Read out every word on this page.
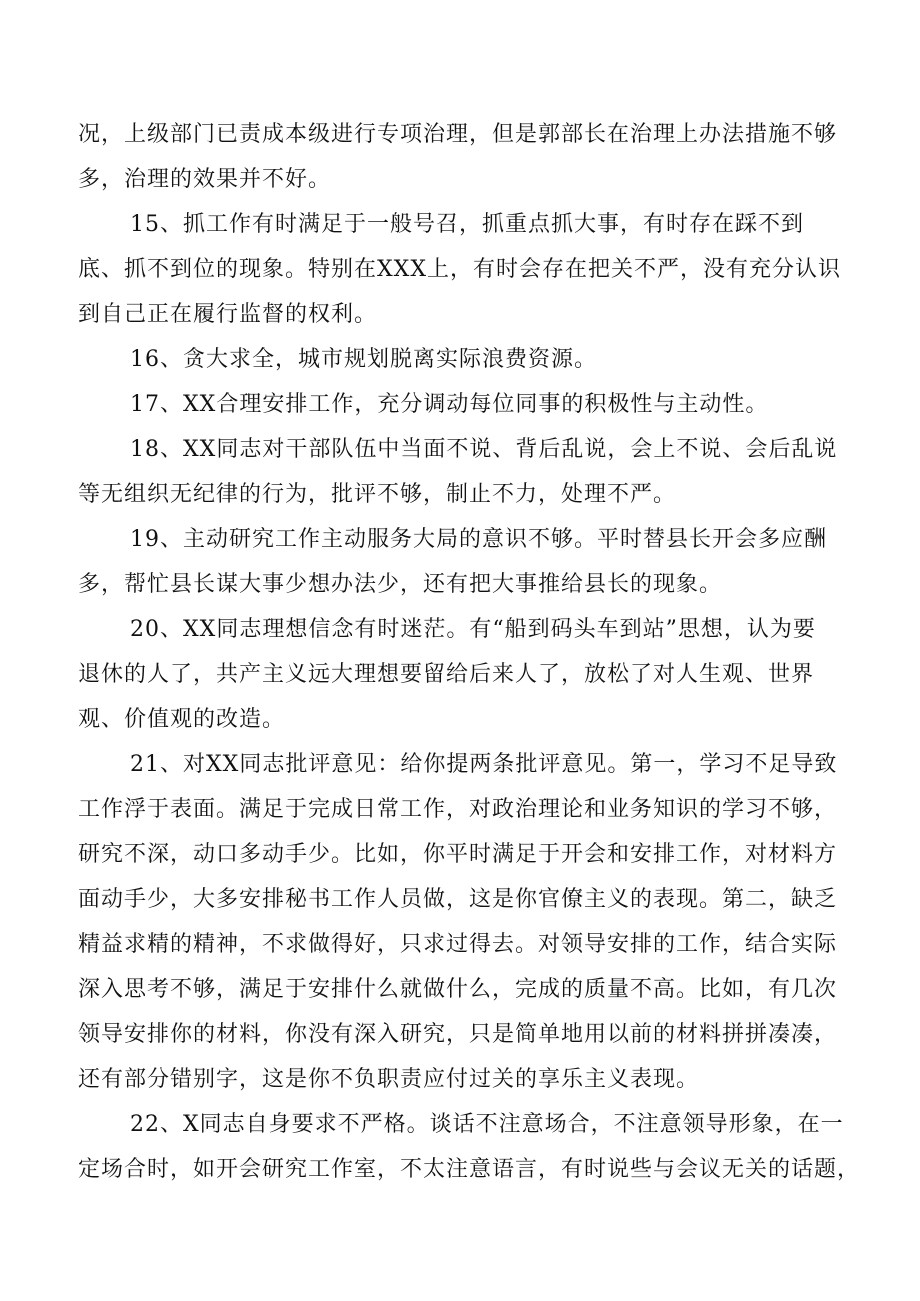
况，上级部门已责成本级进行专项治理，但是郭部长在治理上办法措施不够
多，治理的效果并不好。
15、抓工作有时满足于一般号召，抓重点抓大事，有时存在踩不到
底、抓不到位的现象。特别在XXX上，有时会存在把关不严，没有充分认识
到自己正在履行监督的权利。
16、贪大求全，城市规划脱离实际浪费资源。
17、XX合理安排工作，充分调动每位同事的积极性与主动性。
18、XX同志对干部队伍中当面不说、背后乱说，会上不说、会后乱说
等无组织无纪律的行为，批评不够，制止不力，处理不严。
19、主动研究工作主动服务大局的意识不够。平时替县长开会多应酬
多，帮忙县长谋大事少想办法少，还有把大事推给县长的现象。
20、XX同志理想信念有时迷茫。有“船到码头车到站”思想，认为要
退休的人了，共产主义远大理想要留给后来人了，放松了对人生观、世界
观、价值观的改造。
21、对XX同志批评意见：给你提两条批评意见。第一，学习不足导致
工作浮于表面。满足于完成日常工作，对政治理论和业务知识的学习不够，
研究不深，动口多动手少。比如，你平时满足于开会和安排工作，对材料方
面动手少，大多安排秘书工作人员做，这是你官僚主义的表现。第二，缺乏
精益求精的精神，不求做得好，只求过得去。对领导安排的工作，结合实际
深入思考不够，满足于安排什么就做什么，完成的质量不高。比如，有几次
领导安排你的材料，你没有深入研究，只是简单地用以前的材料拼拼凑凑，
还有部分错别字，这是你不负职责应付过关的享乐主义表现。
22、X同志自身要求不严格。谈话不注意场合，不注意领导形象，在一
定场合时，如开会研究工作室，不太注意语言，有时说些与会议无关的话题，
